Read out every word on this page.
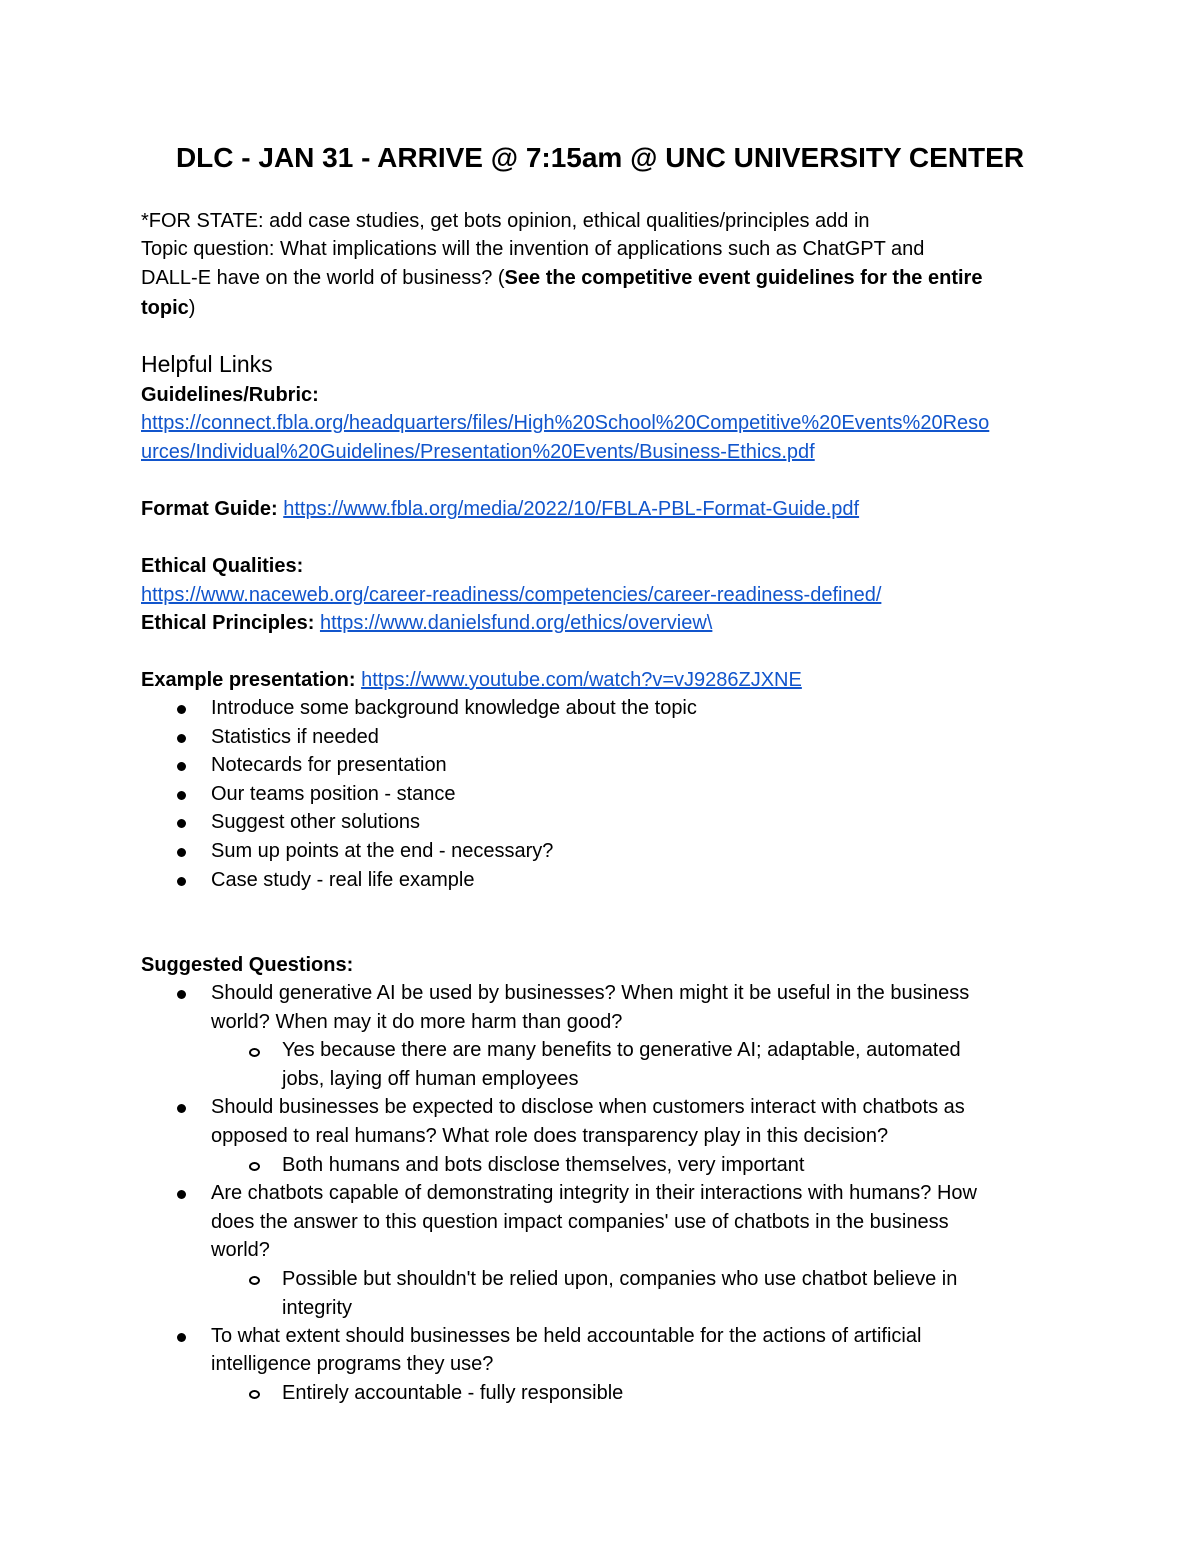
DLC - JAN 31 - ARRIVE @ 7:15am @ UNC UNIVERSITY CENTER
*FOR STATE: add case studies, get bots opinion, ethical qualities/principles add in
Topic question: What implications will the invention of applications such as ChatGPT and
DALL-E have on the world of business? (See the competitive event guidelines for the entire
topic)
Helpful Links
Guidelines/Rubric:
https://connect.fbla.org/headquarters/files/High%20School%20Competitive%20Events%20Reso
urces/Individual%20Guidelines/Presentation%20Events/Business-Ethics.pdf
Format Guide: https://www.fbla.org/media/2022/10/FBLA-PBL-Format-Guide.pdf
Ethical Qualities:
https://www.naceweb.org/career-readiness/competencies/career-readiness-defined/
Ethical Principles: https://www.danielsfund.org/ethics/overview\
Example presentation: https://www.youtube.com/watch?v=vJ9286ZJXNE
Introduce some background knowledge about the topic
Statistics if needed
Notecards for presentation
Our teams position - stance
Suggest other solutions
Sum up points at the end - necessary?
Case study - real life example
Suggested Questions:
Should generative AI be used by businesses? When might it be useful in the business
world? When may it do more harm than good?
Yes because there are many benefits to generative AI; adaptable, automated
jobs, laying off human employees
Should businesses be expected to disclose when customers interact with chatbots as
opposed to real humans? What role does transparency play in this decision?
Both humans and bots disclose themselves, very important
Are chatbots capable of demonstrating integrity in their interactions with humans? How
does the answer to this question impact companies' use of chatbots in the business
world?
Possible but shouldn't be relied upon, companies who use chatbot believe in
integrity
To what extent should businesses be held accountable for the actions of artificial
intelligence programs they use?
Entirely accountable - fully responsible
